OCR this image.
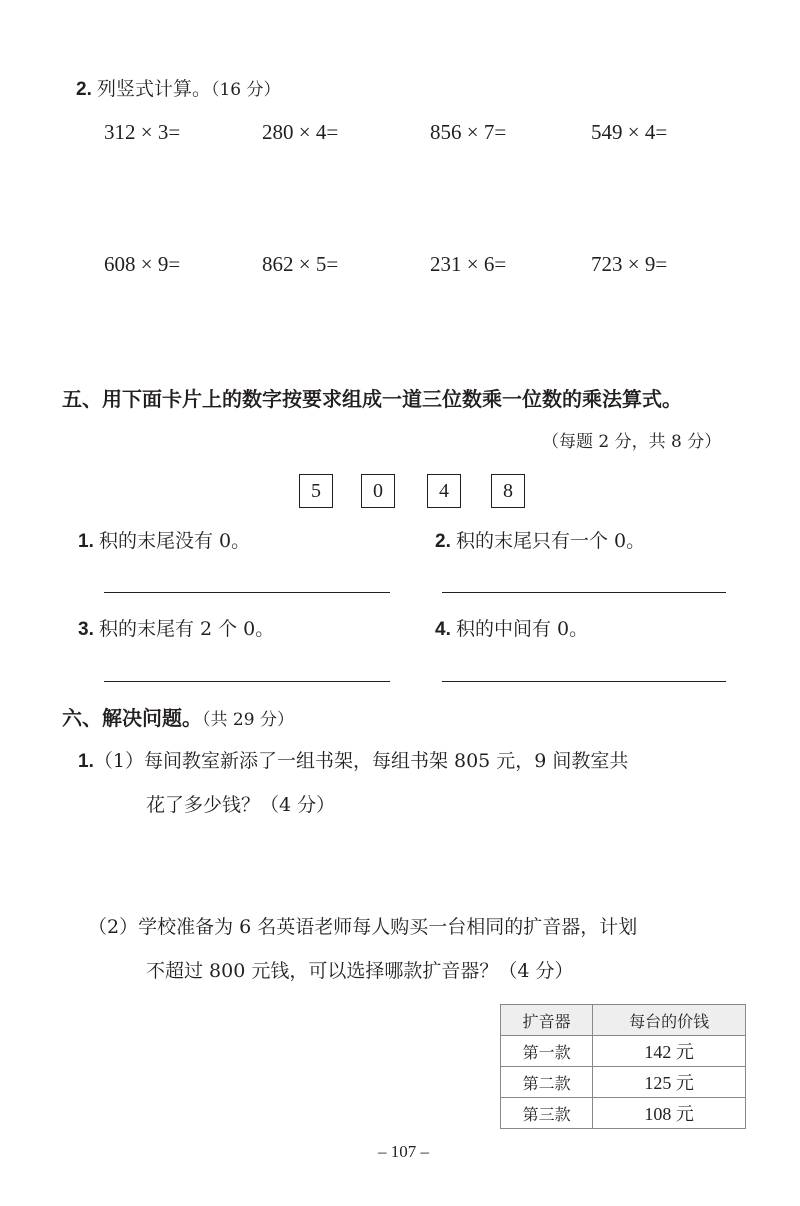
2. 列竖式计算。（16 分）
312 × 3=	280 × 4=	856 × 7=	549 × 4=
608 × 9=	862 × 5=	231 × 6=	723 × 9=
五、用下面卡片上的数字按要求组成一道三位数乘一位数的乘法算式。
（每题 2 分，共 8 分）
5	0	4	8
1. 积的末尾没有 0。	2. 积的末尾只有一个 0。
3. 积的末尾有 2 个 0。	4. 积的中间有 0。
六、解决问题。（共 29 分）
1.（1）每间教室新添了一组书架，每组书架 805 元，9 间教室共
花了多少钱？（4 分）
（2）学校准备为 6 名英语老师每人购买一台相同的扩音器，计划
不超过 800 元钱，可以选择哪款扩音器？（4 分）
扩音器	每台的价钱
第一款	142 元
第二款	125 元
第三款	108 元
– 107 –
